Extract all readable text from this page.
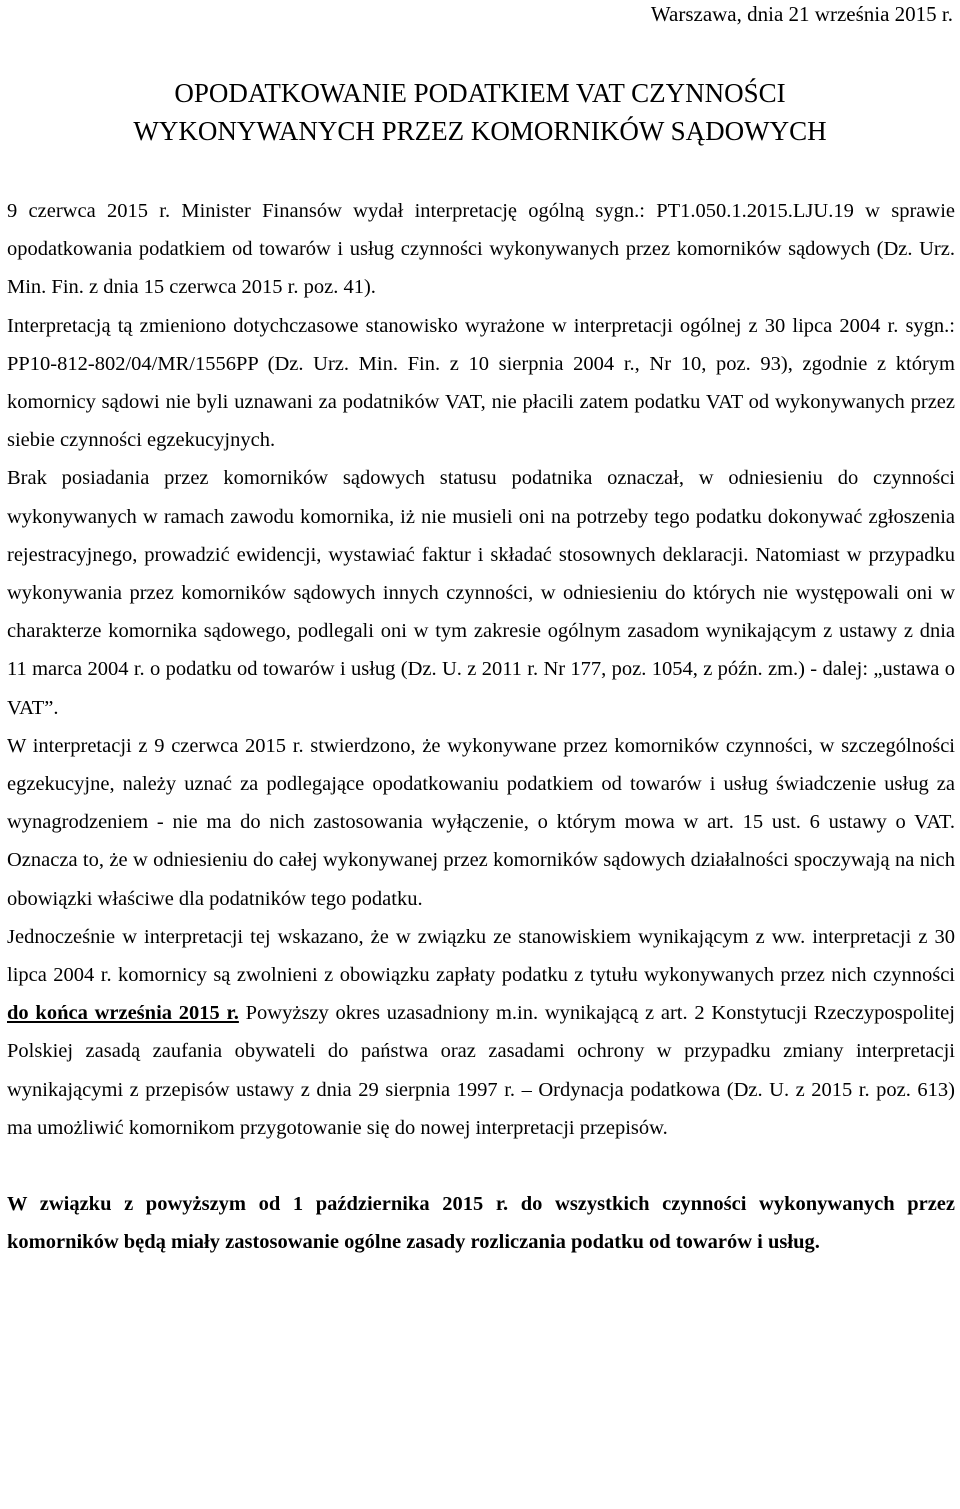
Warszawa, dnia 21 września 2015 r.
OPODATKOWANIE PODATKIEM VAT CZYNNOŚCI
WYKONYWANYCH PRZEZ KOMORNIKÓW SĄDOWYCH

9 czerwca 2015 r. Minister Finansów wydał interpretację ogólną sygn.: PT1.050.1.2015.LJU.19 w sprawie opodatkowania podatkiem od towarów i usług czynności wykonywanych przez komorników sądowych (Dz. Urz. Min. Fin. z dnia 15 czerwca 2015 r. poz. 41).

Interpretacją tą zmieniono dotychczasowe stanowisko wyrażone w interpretacji ogólnej z 30 lipca 2004 r. sygn.: PP10-812-802/04/MR/1556PP (Dz. Urz. Min. Fin. z 10 sierpnia 2004 r., Nr 10, poz. 93), zgodnie z którym komornicy sądowi nie byli uznawani za podatników VAT, nie płacili zatem podatku VAT od wykonywanych przez siebie czynności egzekucyjnych.

Brak posiadania przez komorników sądowych statusu podatnika oznaczał, w odniesieniu do czynności wykonywanych w ramach zawodu komornika, iż nie musieli oni na potrzeby tego podatku dokonywać zgłoszenia rejestracyjnego, prowadzić ewidencji, wystawiać faktur i składać stosownych deklaracji. Natomiast w przypadku wykonywania przez komorników sądowych innych czynności, w odniesieniu do których nie występowali oni w charakterze komornika sądowego, podlegali oni w tym zakresie ogólnym zasadom wynikającym z ustawy z dnia 11 marca 2004 r. o podatku od towarów i usług (Dz. U. z 2011 r. Nr 177, poz. 1054, z późn. zm.) - dalej: „ustawa o VAT”.

W interpretacji z 9 czerwca 2015 r. stwierdzono, że wykonywane przez komorników czynności, w szczególności egzekucyjne, należy uznać za podlegające opodatkowaniu podatkiem od towarów i usług świadczenie usług za wynagrodzeniem - nie ma do nich zastosowania wyłączenie, o którym mowa w art. 15 ust. 6 ustawy o VAT. Oznacza to, że w odniesieniu do całej wykonywanej przez komorników sądowych działalności spoczywają na nich obowiązki właściwe dla podatników tego podatku.

Jednocześnie w interpretacji tej wskazano, że w związku ze stanowiskiem wynikającym z ww. interpretacji z 30 lipca 2004 r. komornicy są zwolnieni z obowiązku zapłaty podatku z tytułu wykonywanych przez nich czynności do końca września 2015 r. Powyższy okres uzasadniony m.in. wynikającą z art. 2 Konstytucji Rzeczypospolitej Polskiej zasadą zaufania obywateli do państwa oraz zasadami ochrony w przypadku zmiany interpretacji wynikającymi z przepisów ustawy z dnia 29 sierpnia 1997 r. – Ordynacja podatkowa (Dz. U. z 2015 r. poz. 613) ma umożliwić komornikom przygotowanie się do nowej interpretacji przepisów.

W związku z powyższym od 1 października 2015 r. do wszystkich czynności wykonywanych przez komorników będą miały zastosowanie ogólne zasady rozliczania podatku od towarów i usług.
